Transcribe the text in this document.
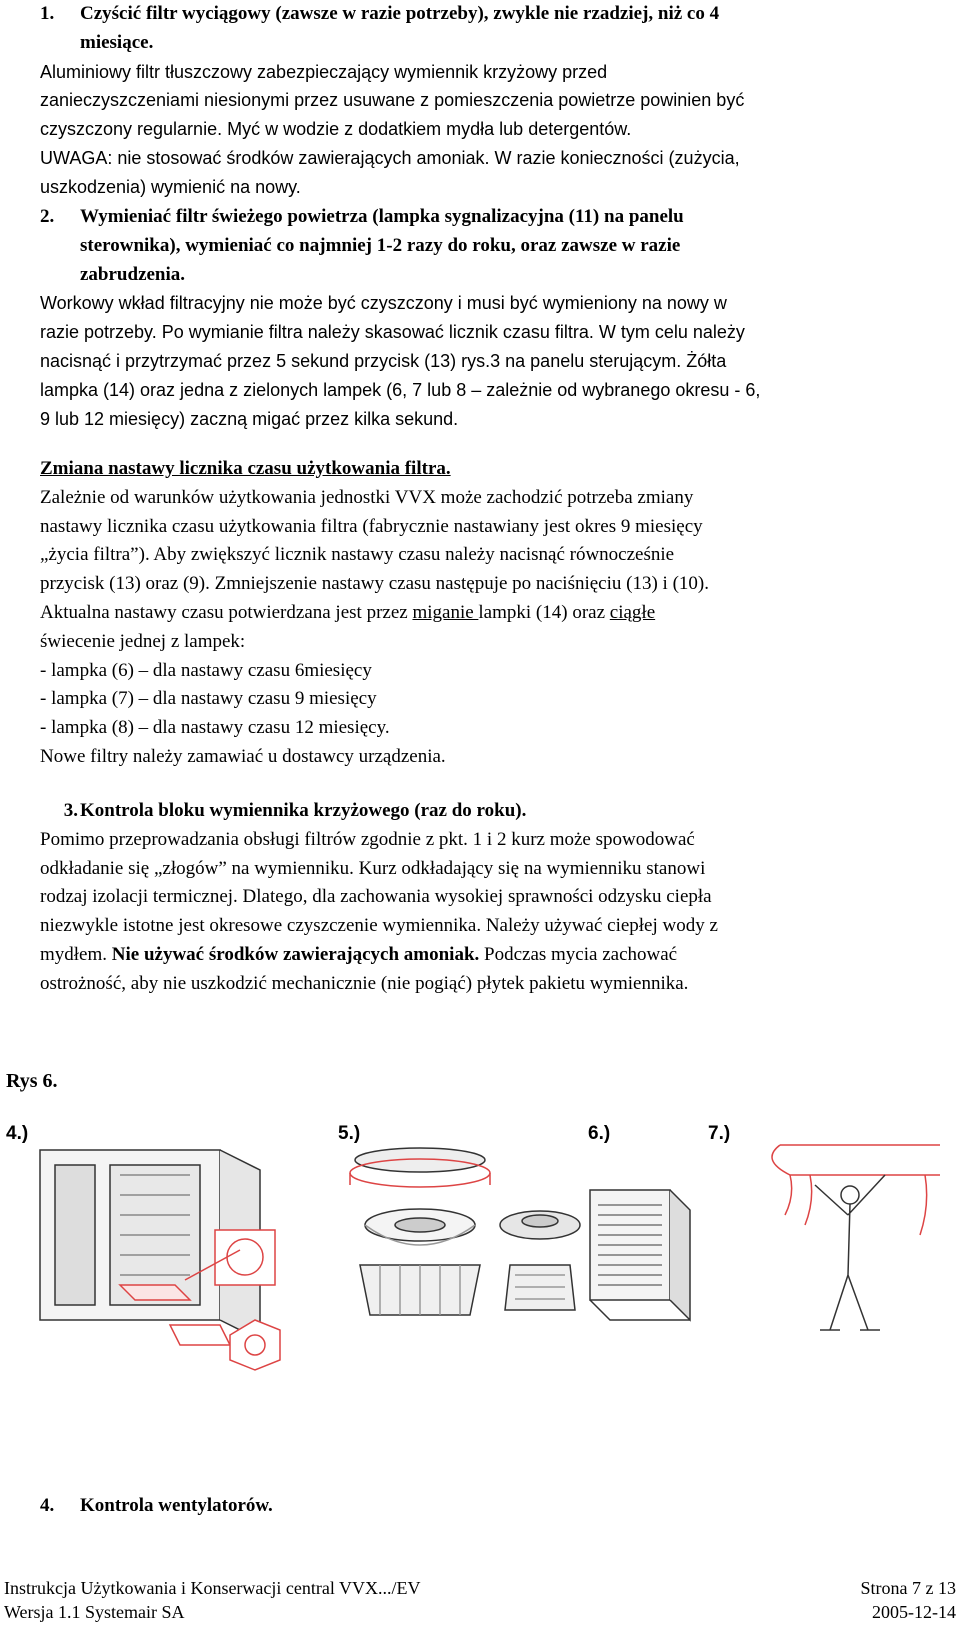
1. Czyścić filtr wyciągowy (zawsze w razie potrzeby), zwykle nie rzadziej, niż co 4

miesiące.

Aluminiowy filtr tłuszczowy zabezpieczający wymiennik krzyżowy przed

zanieczyszczeniami niesionymi przez usuwane z pomieszczenia powietrze powinien być

czyszczony regularnie. Myć w wodzie z dodatkiem mydła lub detergentów.

UWAGA: nie stosować środków zawierających amoniak. W razie konieczności (zużycia,

uszkodzenia) wymienić na nowy.

2. Wymieniać filtr świeżego powietrza (lampka sygnalizacyjna (11) na panelu

sterownika), wymieniać co najmniej 1-2 razy do roku, oraz zawsze w razie

zabrudzenia.

Workowy wkład filtracyjny nie może być czyszczony i musi być wymieniony na nowy w

razie potrzeby. Po wymianie filtra należy skasować licznik czasu filtra. W tym celu należy

nacisnąć i przytrzymać przez 5 sekund przycisk (13) rys.3 na panelu sterującym. Żółta

lampka (14) oraz jedna z zielonych lampek (6, 7 lub 8 – zależnie od wybranego okresu - 6,

9 lub 12 miesięcy) zaczną migać przez kilka sekund.

Zmiana nastawy licznika czasu użytkowania filtra.

Zależnie od warunków użytkowania jednostki VVX może zachodzić potrzeba zmiany

nastawy licznika czasu użytkowania filtra (fabrycznie nastawiany jest okres 9 miesięcy

„życia filtra”). Aby zwiększyć licznik nastawy czasu należy nacisnąć równocześnie

przycisk (13) oraz (9). Zmniejszenie nastawy czasu następuje po naciśnięciu (13) i (10).

Aktualna nastawy czasu potwierdzana jest przez miganie lampki (14) oraz ciągłe

świecenie jednej z lampek:

- lampka (6) – dla nastawy czasu 6miesięcy

- lampka (7) – dla nastawy czasu 9 miesięcy

- lampka (8) – dla nastawy czasu 12 miesięcy.

Nowe filtry należy zamawiać u dostawcy urządzenia.

3. Kontrola bloku wymiennika krzyżowego (raz do roku).

Pomimo przeprowadzania obsługi filtrów zgodnie z pkt. 1 i 2 kurz może spowodować

odkładanie się „złogów” na wymienniku. Kurz odkładający się na wymienniku stanowi

rodzaj izolacji termicznej. Dlatego, dla zachowania wysokiej sprawności odzysku ciepła

niezwykle istotne jest okresowe czyszczenie wymiennika. Należy używać ciepłej wody z

mydłem. Nie używać środków zawierających amoniak. Podczas mycia zachować

ostrożność, aby nie uszkodzić mechanicznie (nie pogiąć) płytek pakietu wymiennika.

Rys 6.
4.)	5.)	6.)	7.)

4. Kontrola wentylatorów.

Instrukcja Użytkowania i Konserwacji central VVX.../EV	Strona 7 z 13
Wersja 1.1 Systemair SA	2005-12-14
